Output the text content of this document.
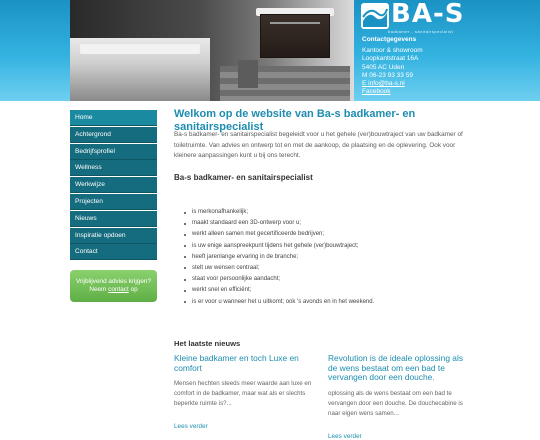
BA-S
badkamer - sanitairspecialist
Contactgegevens
Kantoor & showroom
Loopkantstraat 16A
5405 AC Uden
M 06-23 93 33 59
E info@ba-s.nl
Facebook
Home
Achtergrond
Bedrijfsprofiel
Wellness
Werkwijze
Projecten
Nieuws
Inspiratie opdoen
Contact
Vrijblijvend advies krijgen?
Neem contact op
Welkom op de website van Ba-s badkamer- en sanitairspecialist

Ba-s badkamer- en sanitairspecialist begeleidt voor u het gehele (ver)bouwtraject van uw badkamer of toiletruimte. Van advies en ontwerp tot en met de aankoop, de plaatsing en de oplevering. Ook voor kleinere aanpassingen kunt u bij ons terecht.

Ba-s badkamer- en sanitairspecialist
is merkonafhankelijk;
maakt standaard een 3D-ontwerp voor u;
werkt alleen samen met gecertificeerde bedrijven;
is uw enige aanspreekpunt tijdens het gehele (ver)bouwtraject;
heeft jarenlange ervaring in de branche;
stelt uw wensen centraal;
staat voor persoonlijke aandacht;
werkt snel en efficiënt;
is er voor u wanneer het u uitkomt; ook 's avonds en in het weekend.
Het laatste nieuws
Kleine badkamer en toch Luxe en comfort
Mensen hechten steeds meer waarde aan luxe en comfort in de badkamer, maar wat als er slechts beperkte ruimte is?...
Lees verder
Revolution is de ideale oplossing als de wens bestaat om een bad te vervangen door een douche.
oplossing als de wens bestaat om een bad te vervangen door een douche. De douchecabine is naar eigen wens samen...
Lees verder
